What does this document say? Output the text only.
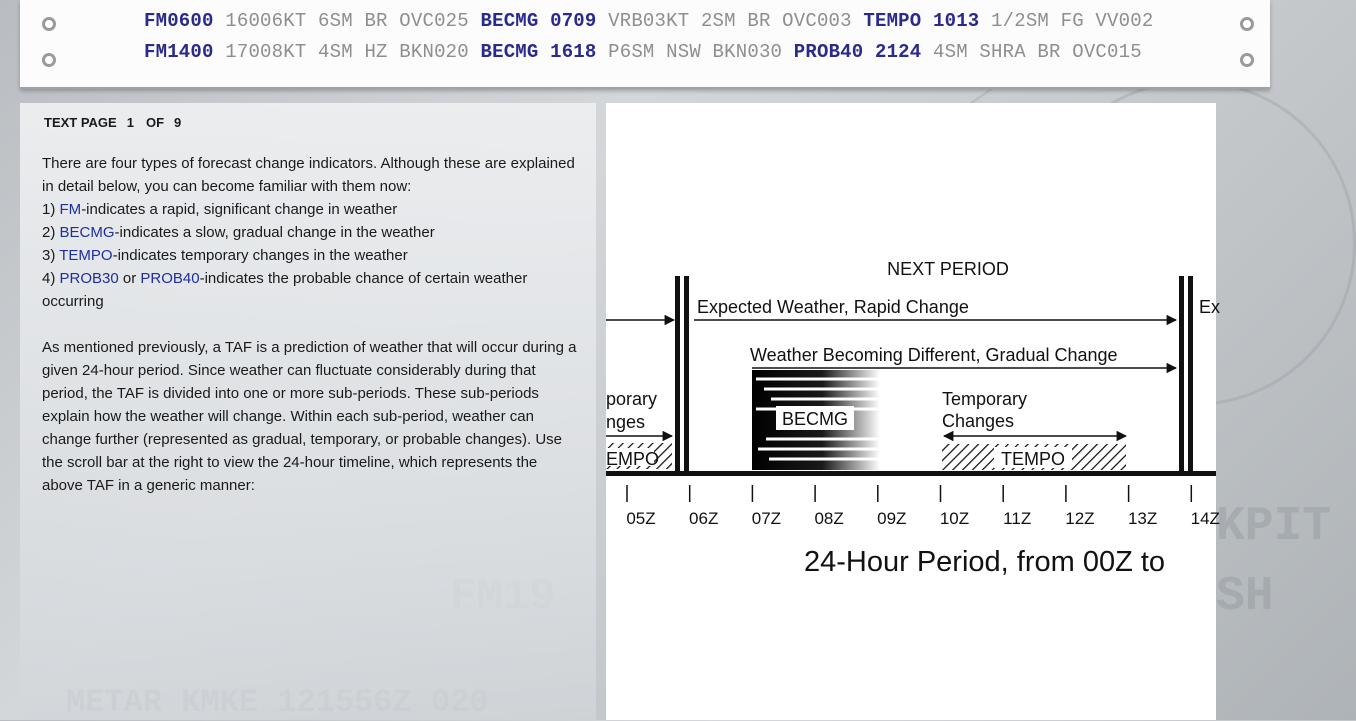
KPIT
SH
FM0600 16006KT 6SM BR OVC025 BECMG 0709 VRB03KT 2SM BR OVC003 TEMPO 1013 1/2SM FG VV002
FM1400 17008KT 4SM HZ BKN020 BECMG 1618 P6SM NSW BKN030 PROB40 2124 4SM SHRA BR OVC015
TEXT PAGE 1 OF 9

There are four types of forecast change indicators. Although these are explained in detail below, you can become familiar with them now:

1) FM-indicates a rapid, significant change in weather

2) BECMG-indicates a slow, gradual change in the weather

3) TEMPO-indicates temporary changes in the weather

4) PROB30 or PROB40-indicates the probable chance of certain weather occurring

As mentioned previously, a TAF is a prediction of weather that will occur during a given 24-hour period. Since weather can fluctuate considerably during that period, the TAF is divided into one or more sub-periods. These sub-periods explain how the weather will change. Within each sub-period, weather can change further (represented as gradual, temporary, or probable changes). Use the scroll bar at the right to view the 24-hour timeline, which represents the above TAF in a generic manner:

NEXT PERIOD
Expected Weather, Rapid Change	Ex
Weather Becoming Different, Gradual Change
BECMG
porary
nges
EMPO
Temporary
Changes
TEMPO
05Z 06Z 07Z 08Z 09Z 10Z 11Z 12Z 13Z 14Z
24-Hour Period, from 00Z to
